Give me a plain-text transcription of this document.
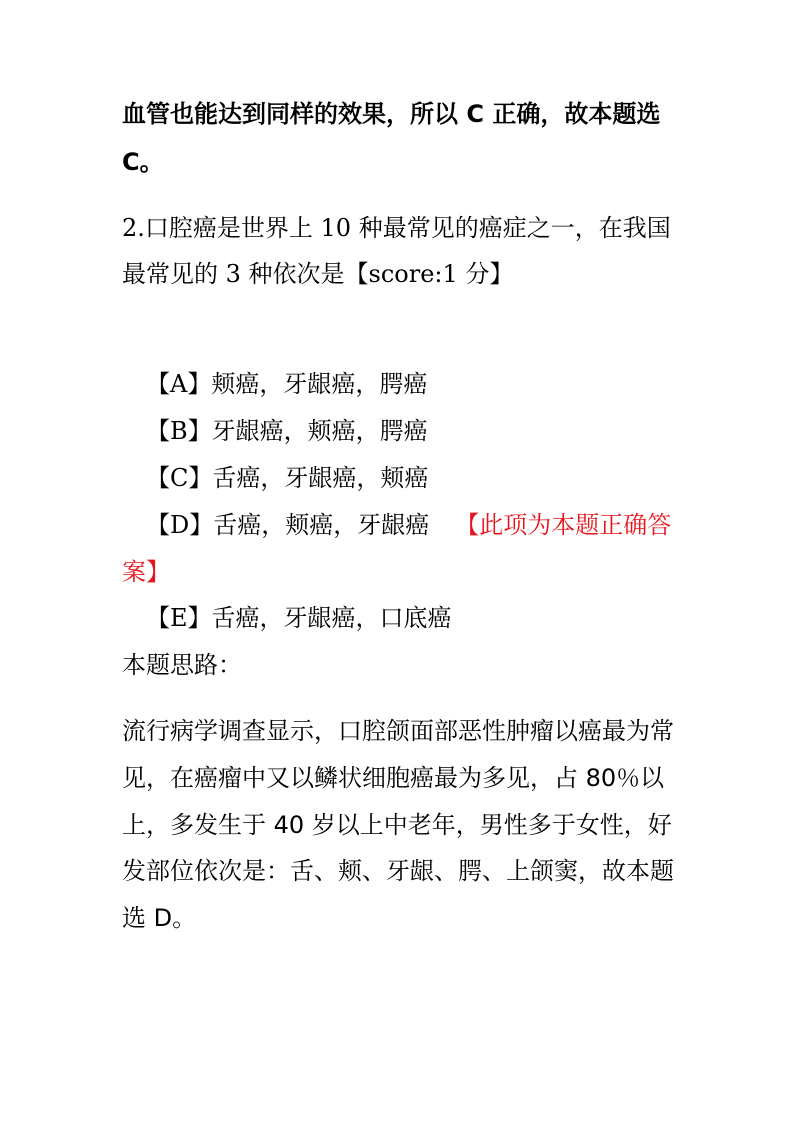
血管也能达到同样的效果，所以 C 正确，故本题选
C。
2.口腔癌是世界上 10 种最常见的癌症之一，在我国
最常见的 3 种依次是【score:1 分】
【A】颊癌，牙龈癌，腭癌
【B】牙龈癌，颊癌，腭癌
【C】舌癌，牙龈癌，颊癌
【D】舌癌，颊癌，牙龈癌 【此项为本题正确答
案】
【E】舌癌，牙龈癌，口底癌
本题思路：
流行病学调查显示，口腔颌面部恶性肿瘤以癌最为常
见，在癌瘤中又以鳞状细胞癌最为多见，占 80％以
上，多发生于 40 岁以上中老年，男性多于女性，好
发部位依次是：舌、颊、牙龈、腭、上颌窦，故本题
选 D。
